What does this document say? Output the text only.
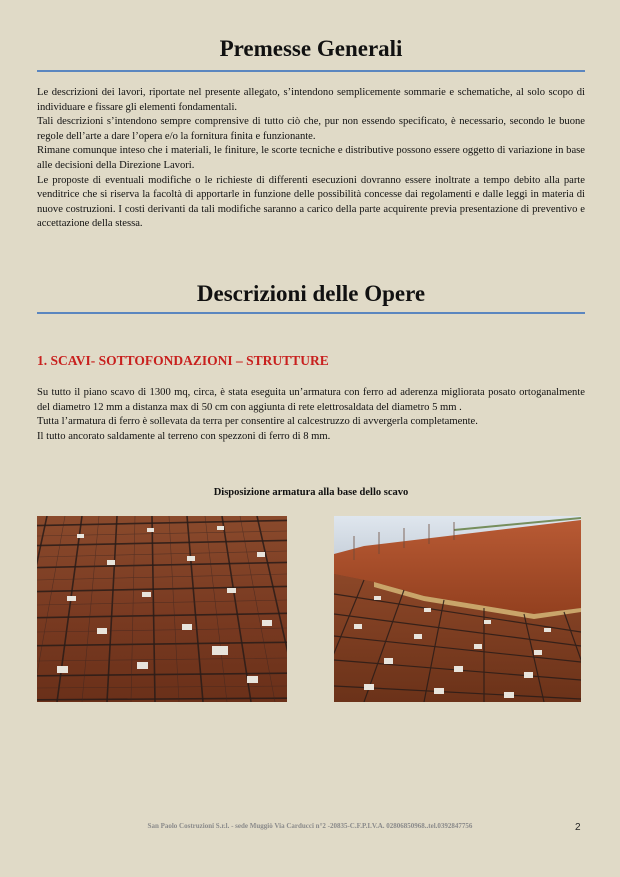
Premesse Generali

Le descrizioni dei lavori, riportate nel presente allegato, s’intendono semplicemente sommarie e schematiche, al solo scopo di individuare e fissare gli elementi fondamentali.

Tali descrizioni s’intendono sempre comprensive di tutto ciò che, pur non essendo specificato, è necessario, secondo le buone regole dell’arte a dare l’opera e/o la fornitura finita e funzionante.

Rimane comunque inteso che i materiali, le finiture, le scorte tecniche e distributive possono essere oggetto di variazione in base alle decisioni della Direzione Lavori.

Le proposte di eventuali modifiche o le richieste di differenti esecuzioni dovranno essere inoltrate a tempo debito alla parte venditrice che si riserva la facoltà di apportarle in funzione delle possibilità concesse dai regolamenti e dalle leggi in materia di nuove costruzioni. I costi derivanti da tali modifiche saranno a carico della parte acquirente previa presentazione di preventivo e accettazione della stessa.

Descrizioni delle Opere
1. SCAVI- SOTTOFONDAZIONI – STRUTTURE

Su tutto il piano scavo di 1300 mq, circa, è stata eseguita un’armatura con ferro ad aderenza migliorata posato ortoganalmente del diametro 12 mm a distanza max di 50 cm con aggiunta di rete elettrosaldata del diametro 5 mm .

Tutta l’armatura di ferro è sollevata da terra per consentire al calcestruzzo di avvergerla completamente.

Il tutto ancorato saldamente al terreno con spezzoni di ferro di 8 mm.

Disposizione armatura alla base dello scavo
San Paolo Costruzioni S.r.l. - sede Muggiò Via Carducci n°2 -20835-C.F.P.I.V.A. 02806850968..tel.0392847756	2
